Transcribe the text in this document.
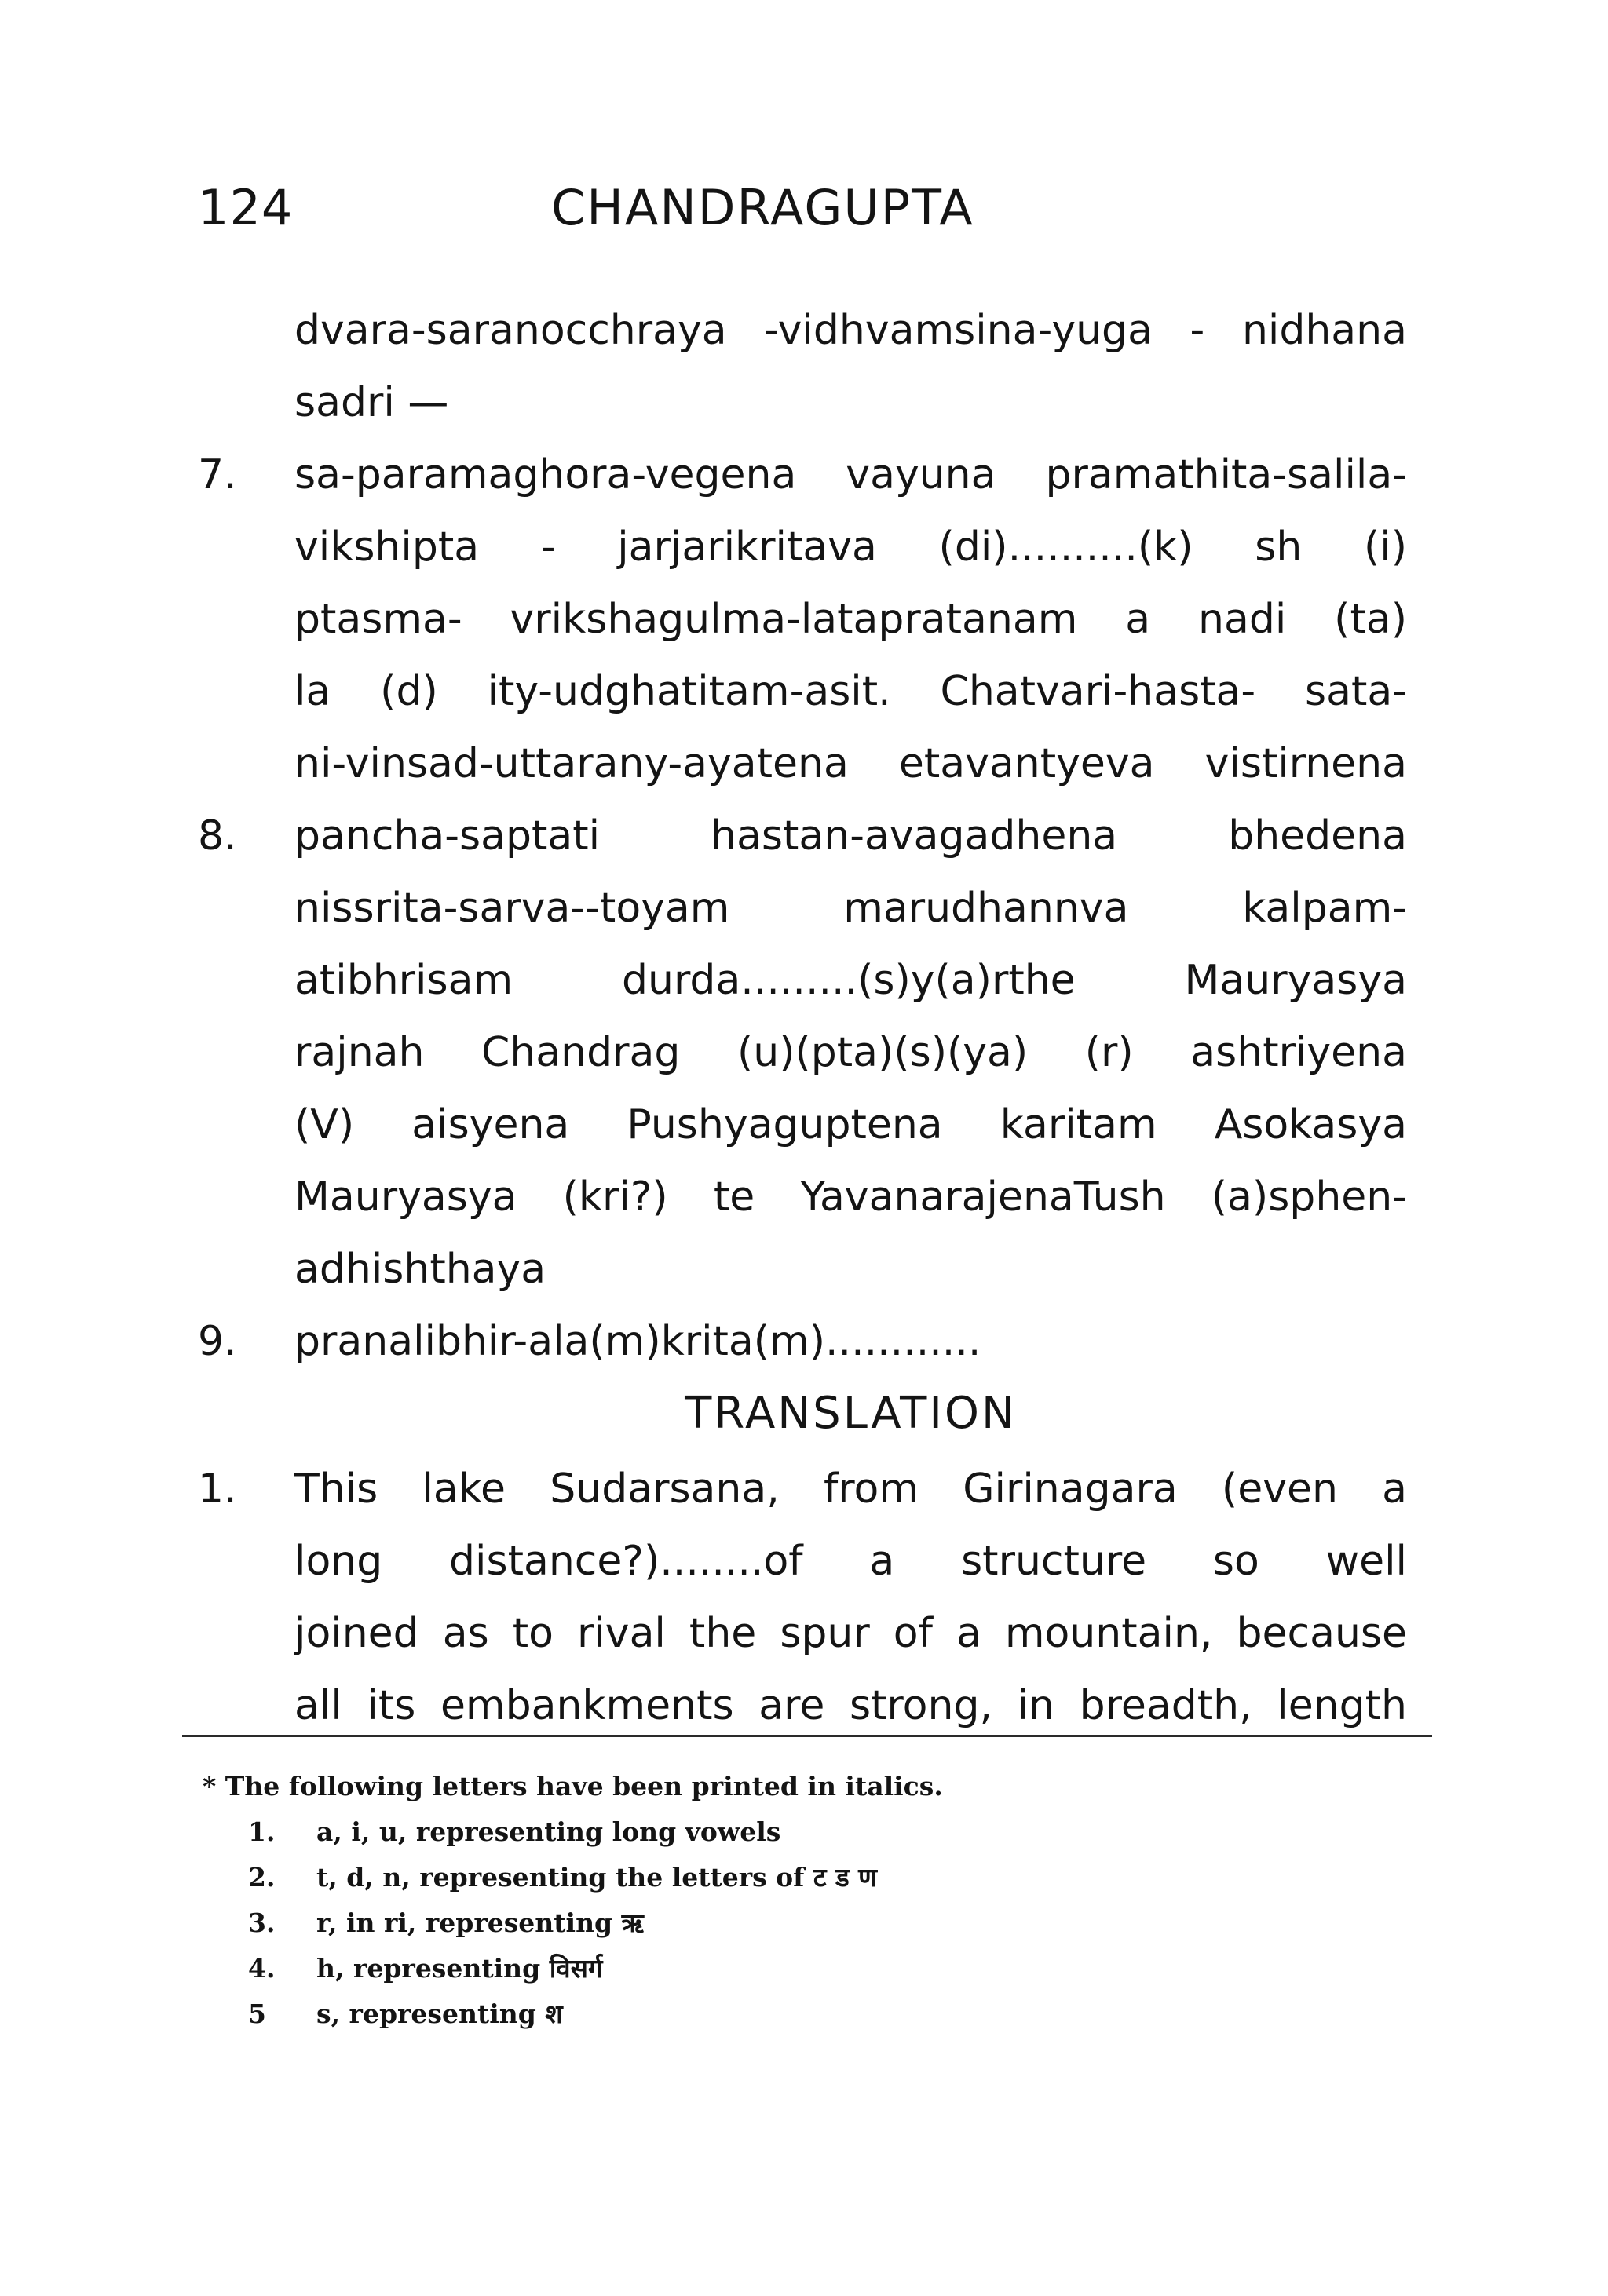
124	CHANDRAGUPTA
dvara-saranocchraya -vidhvamsina-yuga - nidhana
sadri —
7. sa-paramaghora-vegena vayuna pramathita-salila-
vikshipta - jarjarikritava (di)..........(k) sh (i)
ptasma- vrikshagulma-latapratanam a nadi (ta)
la (d) ity-udghatitam-asit. Chatvari-hasta- sata-
ni-vinsad-uttarany-ayatena etavantyeva vistirnena
8. pancha-saptati hastan-avagadhena bhedena
nissrita-sarva--toyam marudhannva kalpam-
atibhrisam durda.........(s)y(a)rthe Mauryasya
rajnah Chandrag (u)(pta)(s)(ya) (r) ashtriyena
(V) aisyena Pushyaguptena karitam Asokasya
Mauryasya (kri?) te YavanarajenaTush (a)sphen-
adhishthaya
9. pranalibhir-ala(m)krita(m)............
TRANSLATION
1. This lake Sudarsana, from Girinagara (even a
long distance?)........of a structure so well
joined as to rival the spur of a mountain, because
all its embankments are strong, in breadth, length
* The following letters have been printed in italics.
1. a, i, u, representing long vowels
2. t, d, n, representing the letters of ट ड ण
3. r, in ri, representing ऋ
4. h, representing विसर्ग
5 s, representing श
